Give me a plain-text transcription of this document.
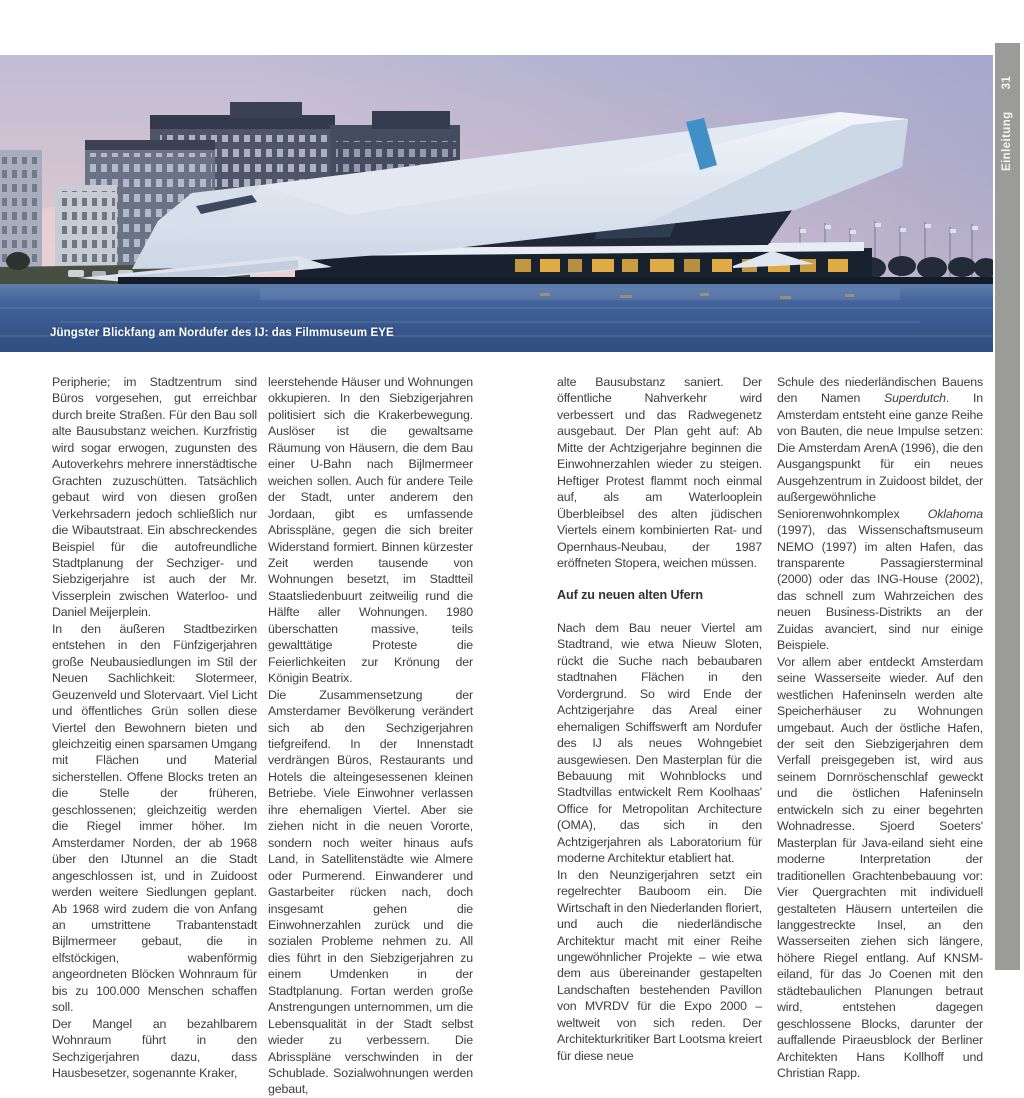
Jüngster Blickfang am Nordufer des IJ: das Filmmuseum EYE
Einleitung31

Peripherie; im Stadtzentrum sind Büros vorgesehen, gut erreichbar durch breite Straßen. Für den Bau soll alte Bausubstanz weichen. Kurzfristig wird sogar erwogen, zugunsten des Autoverkehrs mehrere innerstädtische Grachten zuzuschütten. Tatsächlich gebaut wird von diesen großen Verkehrsadern jedoch schließlich nur die Wibautstraat. Ein abschreckendes Beispiel für die autofreundliche Stadtplanung der Sechziger- und Siebzigerjahre ist auch der Mr. Visserplein zwischen Waterloo- und Daniel Meijerplein.

In den äußeren Stadtbezirken entstehen in den Fünfzigerjahren große Neubausiedlungen im Stil der Neuen Sachlichkeit: Slotermeer, Geuzenveld und Slotervaart. Viel Licht und öffentliches Grün sollen diese Viertel den Bewohnern bieten und gleichzeitig einen sparsamen Umgang mit Flächen und Material sicherstellen. Offene Blocks treten an die Stelle der früheren, geschlossenen; gleichzeitig werden die Riegel immer höher. Im Amsterdamer Norden, der ab 1968 über den IJtunnel an die Stadt angeschlossen ist, und in Zuidoost werden weitere Siedlungen geplant. Ab 1968 wird zudem die von Anfang an umstrittene Trabantenstadt Bijlmermeer gebaut, die in elfstöckigen, wabenförmig angeordneten Blöcken Wohnraum für bis zu 100.000 Menschen schaffen soll.

Der Mangel an bezahlbarem Wohnraum führt in den Sechzigerjahren dazu, dass Hausbesetzer, sogenannte Kraker,

leerstehende Häuser und Wohnungen okkupieren. In den Siebzigerjahren politisiert sich die Krakerbewegung. Auslöser ist die gewaltsame Räumung von Häusern, die dem Bau einer U-Bahn nach Bijlmermeer weichen sollen. Auch für andere Teile der Stadt, unter anderem den Jordaan, gibt es umfassende Abrisspläne, gegen die sich breiter Widerstand formiert. Binnen kürzester Zeit werden tausende von Wohnungen besetzt, im Stadtteil Staatsliedenbuurt zeitweilig rund die Hälfte aller Wohnungen. 1980 überschatten massive, teils gewalttätige Proteste die Feierlichkeiten zur Krönung der Königin Beatrix.

Die Zusammensetzung der Amsterdamer Bevölkerung verändert sich ab den Sechzigerjahren tiefgreifend. In der Innenstadt verdrängen Büros, Restaurants und Hotels die alteingesessenen kleinen Betriebe. Viele Einwohner verlassen ihre ehemaligen Viertel. Aber sie ziehen nicht in die neuen Vororte, sondern noch weiter hinaus aufs Land, in Satellitenstädte wie Almere oder Purmerend. Einwanderer und Gastarbeiter rücken nach, doch insgesamt gehen die Einwohnerzahlen zurück und die sozialen Probleme nehmen zu. All dies führt in den Siebzigerjahren zu einem Umdenken in der Stadtplanung. Fortan werden große Anstrengungen unternommen, um die Lebensqualität in der Stadt selbst wieder zu verbessern. Die Abrisspläne verschwinden in der Schublade. Sozialwohnungen werden gebaut,

alte Bausubstanz saniert. Der öffentliche Nahverkehr wird verbessert und das Radwegenetz ausgebaut. Der Plan geht auf: Ab Mitte der Achtzigerjahre beginnen die Einwohnerzahlen wieder zu steigen. Heftiger Protest flammt noch einmal auf, als am Waterlooplein Überbleibsel des alten jüdischen Viertels einem kombinierten Rat- und Opernhaus-Neubau, der 1987 eröffneten Stopera, weichen müssen.

Auf zu neuen alten Ufern

Nach dem Bau neuer Viertel am Stadtrand, wie etwa Nieuw Sloten, rückt die Suche nach bebaubaren stadtnahen Flächen in den Vordergrund. So wird Ende der Achtzigerjahre das Areal einer ehemaligen Schiffswerft am Nordufer des IJ als neues Wohngebiet ausgewiesen. Den Masterplan für die Bebauung mit Wohnblocks und Stadtvillas entwickelt Rem Koolhaas' Office for Metropolitan Architecture (OMA), das sich in den Achtzigerjahren als Laboratorium für moderne Architektur etabliert hat.

In den Neunzigerjahren setzt ein regelrechter Bauboom ein. Die Wirtschaft in den Niederlanden floriert, und auch die niederländische Architektur macht mit einer Reihe ungewöhnlicher Projekte – wie etwa dem aus übereinander gestapelten Landschaften bestehenden Pavillon von MVRDV für die Expo 2000 – weltweit von sich reden. Der Architekturkritiker Bart Lootsma kreiert für diese neue

Schule des niederländischen Bauens den Namen Superdutch. In Amsterdam entsteht eine ganze Reihe von Bauten, die neue Impulse setzen: Die Amsterdam ArenA (1996), die den Ausgangspunkt für ein neues Ausgehzentrum in Zuidoost bildet, der außergewöhnliche Seniorenwohnkomplex Oklahoma (1997), das Wissenschaftsmuseum NEMO (1997) im alten Hafen, das transparente Passagiersterminal (2000) oder das ING-House (2002), das schnell zum Wahrzeichen des neuen Business-Distrikts an der Zuidas avanciert, sind nur einige Beispiele.

Vor allem aber entdeckt Amsterdam seine Wasserseite wieder. Auf den westlichen Hafeninseln werden alte Speicherhäuser zu Wohnungen umgebaut. Auch der östliche Hafen, der seit den Siebzigerjahren dem Verfall preisgegeben ist, wird aus seinem Dornröschenschlaf geweckt und die östlichen Hafeninseln entwickeln sich zu einer begehrten Wohnadresse. Sjoerd Soeters' Masterplan für Java-eiland sieht eine moderne Interpretation der traditionellen Grachtenbebauung vor: Vier Quergrachten mit individuell gestalteten Häusern unterteilen die langgestreckte Insel, an den Wasserseiten ziehen sich längere, höhere Riegel entlang. Auf KNSM-eiland, für das Jo Coenen mit den städtebaulichen Planungen betraut wird, entstehen dagegen geschlossene Blocks, darunter der auffallende Piraeusblock der Berliner Architekten Hans Kollhoff und Christian Rapp.
